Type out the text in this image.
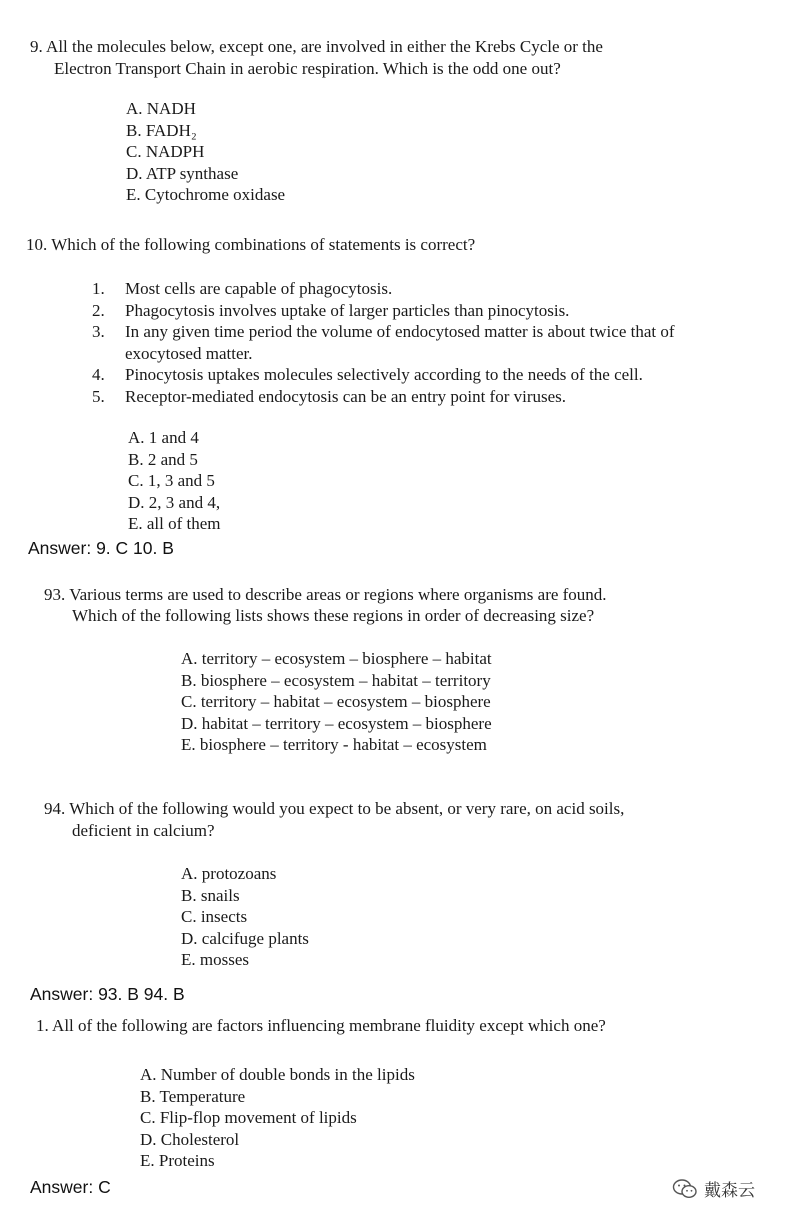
9. All the molecules below, except one, are involved in either the Krebs Cycle or the
Electron Transport Chain in aerobic respiration. Which is the odd one out?
A. NADH
B. FADH₂
C. NADPH
D. ATP synthase
E. Cytochrome oxidase
10. Which of the following combinations of statements is correct?
1. Most cells are capable of phagocytosis.
2. Phagocytosis involves uptake of larger particles than pinocytosis.
3. In any given time period the volume of endocytosed matter is about twice that of
exocytosed matter.
4. Pinocytosis uptakes molecules selectively according to the needs of the cell.
5. Receptor-mediated endocytosis can be an entry point for viruses.
A. 1 and 4
B. 2 and 5
C. 1, 3 and 5
D. 2, 3 and 4,
E. all of them
Answer: 9. C 10. B
93. Various terms are used to describe areas or regions where organisms are found.
Which of the following lists shows these regions in order of decreasing size?
A. territory – ecosystem – biosphere – habitat
B. biosphere – ecosystem – habitat – territory
C. territory – habitat – ecosystem – biosphere
D. habitat – territory – ecosystem – biosphere
E. biosphere – territory - habitat – ecosystem
94. Which of the following would you expect to be absent, or very rare, on acid soils,
deficient in calcium?
A. protozoans
B. snails
C. insects
D. calcifuge plants
E. mosses
Answer: 93. B 94. B
1. All of the following are factors influencing membrane fluidity except which one?
A. Number of double bonds in the lipids
B. Temperature
C. Flip-flop movement of lipids
D. Cholesterol
E. Proteins
Answer: C	戴森云
